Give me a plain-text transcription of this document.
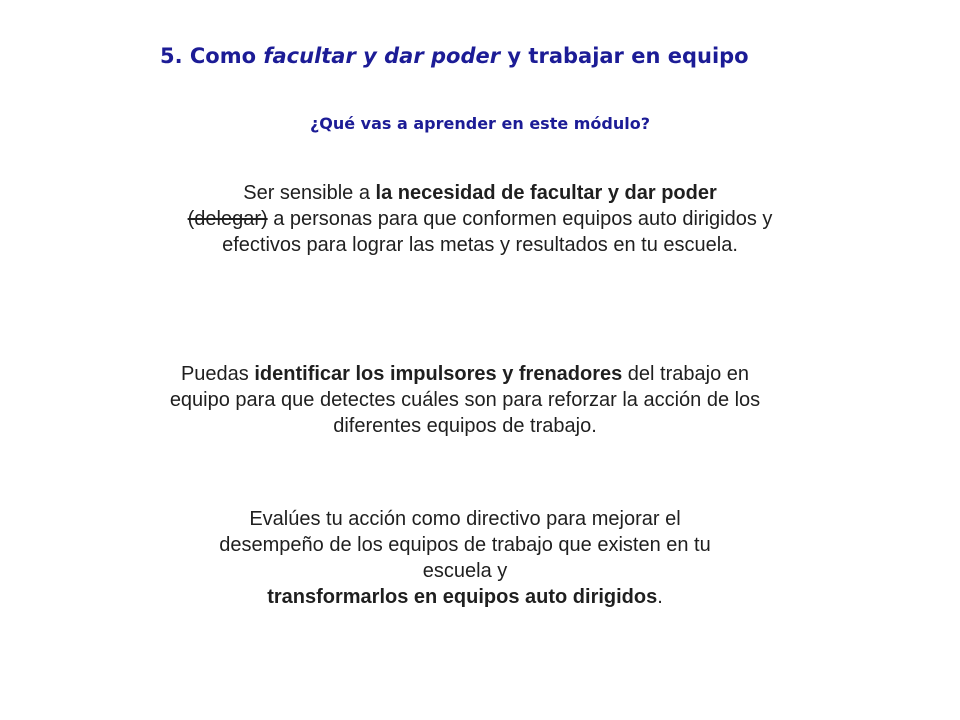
5. Como facultar y dar poder y trabajar en equipo
¿Qué vas a aprender en este módulo?

Ser sensible a la necesidad de facultar y dar poder
(delegar) a personas para que conformen equipos auto dirigidos y efectivos para lograr las metas y resultados en tu escuela.

Puedas identificar los impulsores y frenadores del trabajo en equipo para que detectes cuáles son para reforzar la acción de los diferentes equipos de trabajo.

Evalúes tu acción como directivo para mejorar el desempeño de los equipos de trabajo que existen en tu escuela y
transformarlos en equipos auto dirigidos.
